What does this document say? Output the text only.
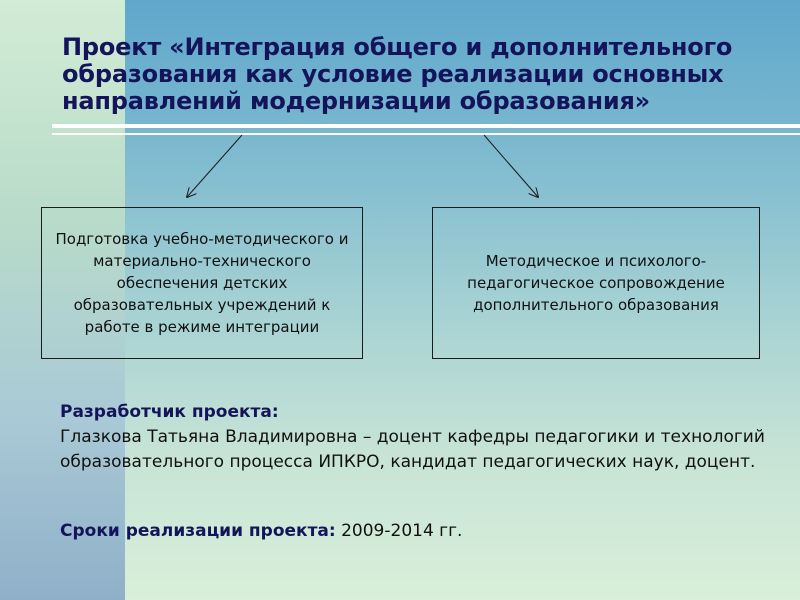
Проект «Интеграция общего и дополнительного образования как условие реализации основных направлений модернизации образования»
Подготовка учебно-методического и материально-технического обеспечения детских образовательных учреждений к работе в режиме интеграции
Методическое и психолого-педагогическое сопровождение дополнительного образования
Разработчик проекта:
Глазкова Татьяна Владимировна – доцент кафедры педагогики и технологий образовательного процесса ИПКРО, кандидат педагогических наук, доцент.
Сроки реализации проекта: 2009-2014 гг.
